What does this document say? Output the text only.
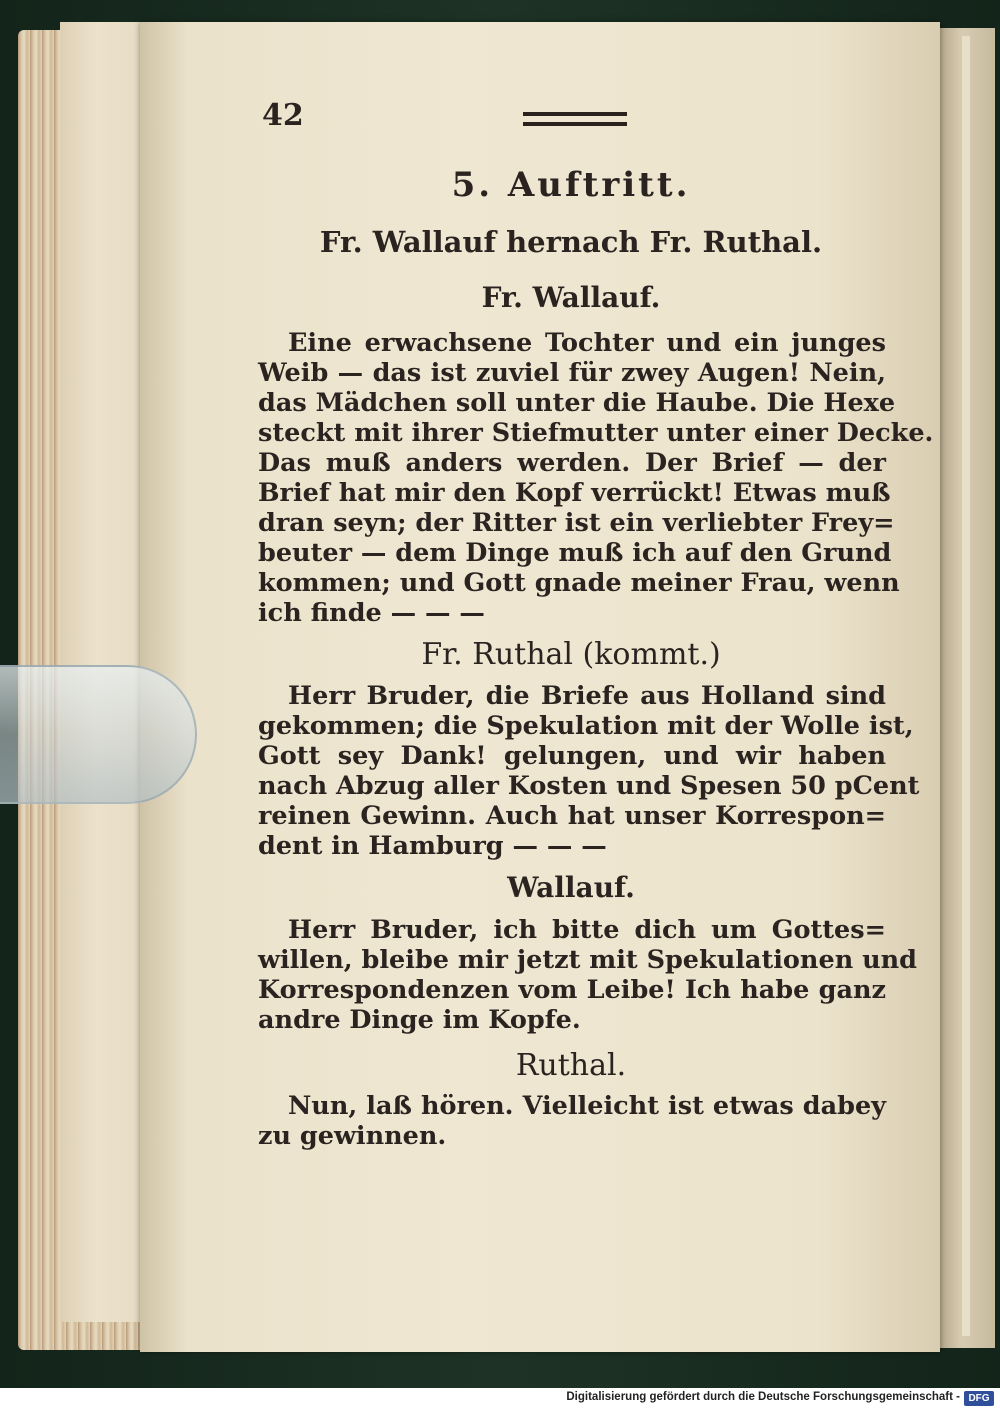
42
5. Auftritt.
Fr. Wallauf hernach Fr. Ruthal.
Fr. Wallauf.
Eine erwachsene Tochter und ein junges
Weib — das ist zuviel für zwey Augen! Nein,
das Mädchen soll unter die Haube. Die Hexe
steckt mit ihrer Stiefmutter unter einer Decke.
Das muß anders werden. Der Brief — der
Brief hat mir den Kopf verrückt! Etwas muß
dran seyn; der Ritter ist ein verliebter Frey=
beuter — dem Dinge muß ich auf den Grund
kommen; und Gott gnade meiner Frau, wenn
ich finde — — —
Fr. Ruthal (kommt.)
Herr Bruder, die Briefe aus Holland sind
gekommen; die Spekulation mit der Wolle ist,
Gott sey Dank! gelungen, und wir haben
nach Abzug aller Kosten und Spesen 50 pCent
reinen Gewinn. Auch hat unser Korrespon=
dent in Hamburg — — —
Wallauf.
Herr Bruder, ich bitte dich um Gottes=
willen, bleibe mir jetzt mit Spekulationen und
Korrespondenzen vom Leibe! Ich habe ganz
andre Dinge im Kopfe.
Ruthal.
Nun, laß hören. Vielleicht ist etwas dabey
zu gewinnen.
Digitalisierung gefördert durch die Deutsche Forschungsgemeinschaft - DFG
